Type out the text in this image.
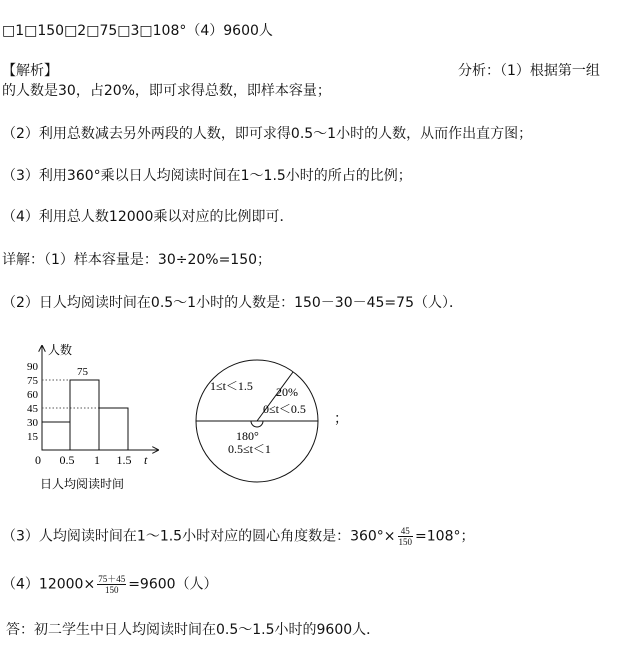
□1□150□2□75□3□108°（4）9600人
【解析】	分析：（1）根据第一组
的人数是30，占20%，即可求得总数，即样本容量；
（2）利用总数减去另外两段的人数，即可求得0.5～1小时的人数，从而作出直方图；
（3）利用360°乘以日人均阅读时间在1～1.5小时的所占的比例；
（4）利用总人数12000乘以对应的比例即可．
详解：（1）样本容量是：30÷20%=150；
（2）日人均阅读时间在0.5～1小时的人数是：150－30－45=75（人）．
人数
t
75
15
30
45
60
75
90
0 0.5 1 1.5
日人均阅读时间
1≤t＜1.5 20%
0≤t＜0.5
180°
0.5≤t＜1
；
（3）人均阅读时间在1～1.5小时对应的圆心角度数是：$360^\circ\times \frac{45}{150} =108^\circ$；
$(4)12000\times \frac{75+45}{150} =9600$（人）
答：初二学生中日人均阅读时间在0.5～1.5小时的9600人．
